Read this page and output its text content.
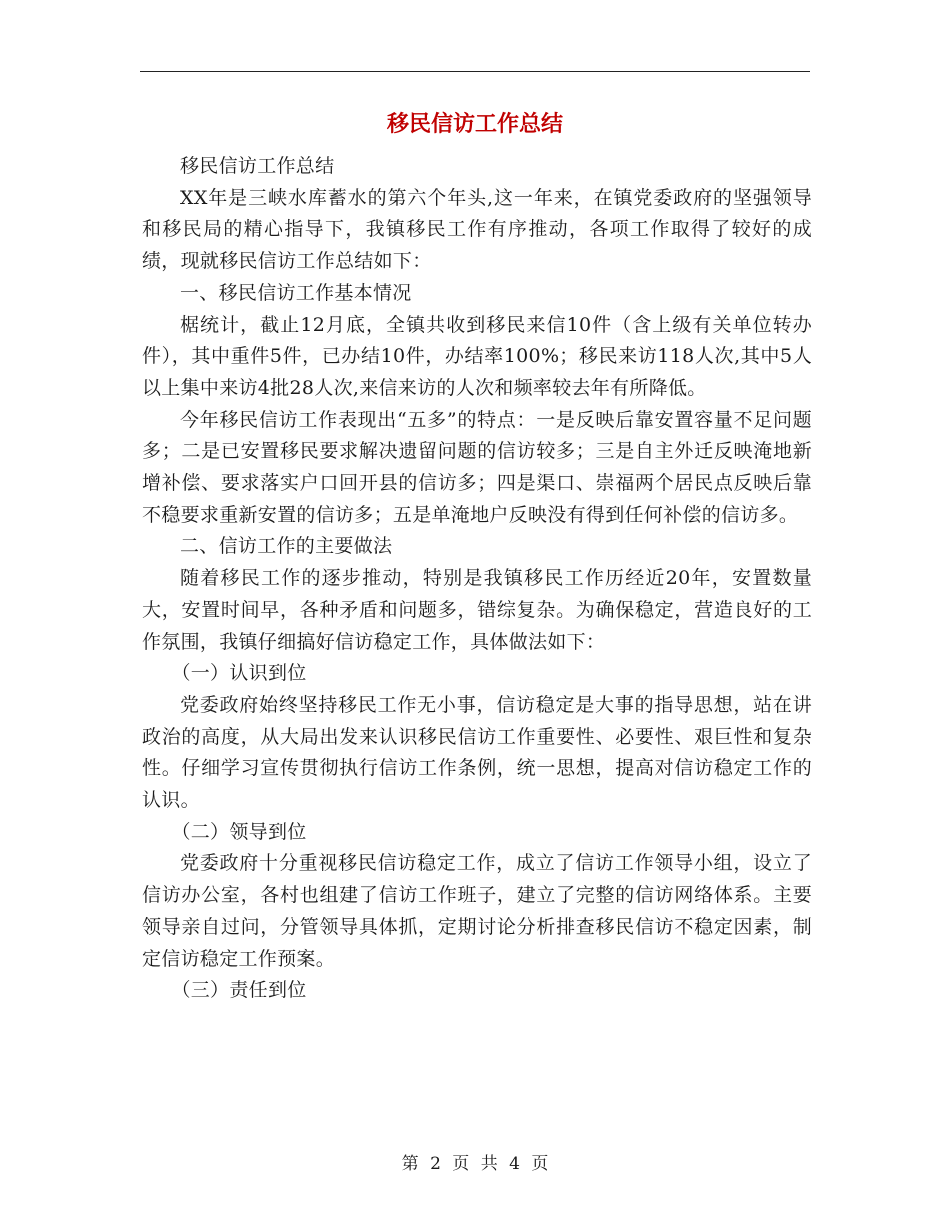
移民信访工作总结

移民信访工作总结

XX年是三峡水库蓄水的第六个年头,这一年来，在镇党委政府的坚强领导和移民局的精心指导下，我镇移民工作有序推动，各项工作取得了较好的成绩，现就移民信访工作总结如下：

一、移民信访工作基本情况

椐统计，截止12月底，全镇共收到移民来信10件（含上级有关单位转办件），其中重件5件，已办结10件，办结率100%；移民来访118人次,其中5人以上集中来访4批28人次,来信来访的人次和频率较去年有所降低。

今年移民信访工作表现出“五多”的特点：一是反映后靠安置容量不足问题多；二是已安置移民要求解决遗留问题的信访较多；三是自主外迁反映淹地新增补偿、要求落实户口回开县的信访多；四是渠口、崇福两个居民点反映后靠不稳要求重新安置的信访多；五是单淹地户反映没有得到任何补偿的信访多。

二、信访工作的主要做法

随着移民工作的逐步推动，特别是我镇移民工作历经近20年，安置数量大，安置时间早，各种矛盾和问题多，错综复杂。为确保稳定，营造良好的工作氛围，我镇仔细搞好信访稳定工作，具体做法如下：

（一）认识到位

党委政府始终坚持移民工作无小事，信访稳定是大事的指导思想，站在讲政治的高度，从大局出发来认识移民信访工作重要性、必要性、艰巨性和复杂性。仔细学习宣传贯彻执行信访工作条例，统一思想，提高对信访稳定工作的认识。

（二）领导到位

党委政府十分重视移民信访稳定工作，成立了信访工作领导小组，设立了信访办公室，各村也组建了信访工作班子，建立了完整的信访网络体系。主要领导亲自过问，分管领导具体抓，定期讨论分析排查移民信访不稳定因素，制定信访稳定工作预案。

（三）责任到位

第 2 页 共 4 页
